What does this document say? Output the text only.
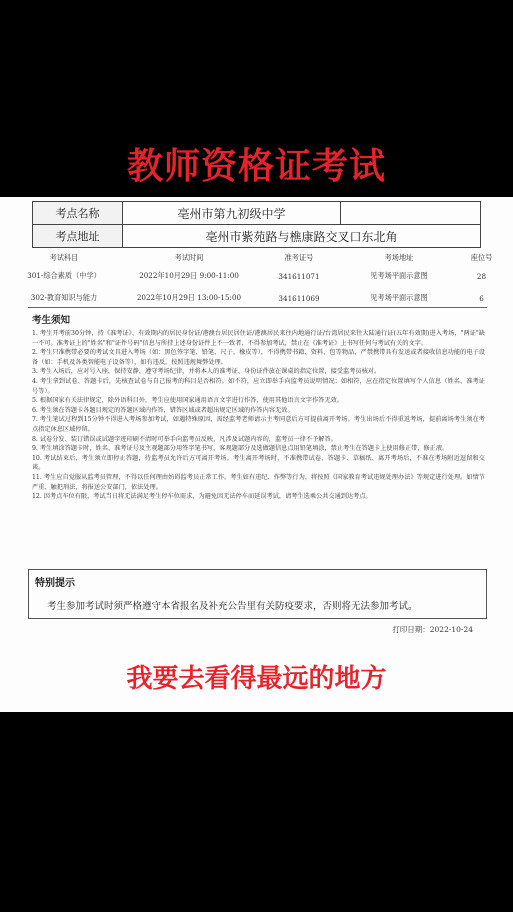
教师资格证考试
考点名称	亳州市第九初级中学	
考点地址	亳州市紫苑路与樵康路交叉口东北角	
考试科目	考试时间	准考证号	考场地址	座位号
301-综合素质（中学）	2022年10月29日 9:00-11:00	341611071	见考场平面示意图	28
302-教育知识与能力	2022年10月29日 13:00-15:00	341611069	见考场平面示意图	6
考生须知
1. 考生开考前30分钟，持《准考证》、有效期内的居民身份证/港澳台居民居住证/港澳居民来往内地通行证/台湾居民来往大陆通行证(五年有效期)进入考场，"两证"缺一不可。准考证上的"姓名"和"证件号码"信息与所持上述身份证件上不一致者，不得参加考试，禁止在《准考证》上书写任何与考试有关的文字。
2. 考生只准携带必要的考试文具进入考场（如：黑色签字笔、铅笔、尺子、橡皮等），不得携带书籍、资料、包等物品，严禁携带具有发送或者接收信息功能的电子设备（如：手机及各类智能电子设备等），如有违反，按照违规舞弊处理。
3. 考生入场后，应对号入座，保持安静，遵守考场纪律，并将本人的准考证、身份证件放在课桌的指定位置，接受监考员核对。
4. 考生拿到试卷、答题卡后，先核查试卷与自己报考的科目是否相符。如不符，应立即举手向监考员说明情况；如相符，应在指定位置填写个人信息（姓名、准考证号等）。
5. 根据国家有关法律规定，除外语科目外，考生应使用国家通用语言文字进行作答，使用其他语言文字作答无效。
6. 考生须在答题卡各题目规定的答题区域内作答，错答区域或者超出规定区域的作答内容无效。
7. 考生笔试过程到15分钟不得进入考场参加考试，如遇特殊原因，需经监考老师请示主考同意后方可提前离开考场。考生出场后不得重返考场，提前离场考生须在考点指定休息区域停留。
8. 试卷分发、装订错误或试题字迹印刷不清时可举手向监考员反映，凡涉及试题内容的，监考员一律不予解答。
9. 考生填涂答题卡时，姓名、准考证号及主观题部分用签字笔书写，客观题部分及选做题信息点用铅笔填涂，禁止考生在答题卡上使用修正带、修正液。
10. 考试结束后，考生须立即停止答题，待监考员允许后方可离开考场。考生离开考场时，不准携带试卷、答题卡、草稿纸、离开考场后，不准在考场附近逗留和交谈。
11. 考生应自觉服从监考员管理，不得以任何理由妨碍监考员正常工作。考生如有违纪、作弊等行为，将按照《国家教育考试违规处理办法》等规定进行处理。如情节严重、触犯刑法，将报送公安部门，依法处理。
12. 因考点车位有限，考试当日将无法满足考生停车位需求，为避免因无法停车而延误考试，请考生选乘公共交通到达考点。
特别提示
考生参加考试时须严格遵守本省报名及补充公告里有关防疫要求，否则将无法参加考试。
打印日期：2022-10-24
我要去看得最远的地方
